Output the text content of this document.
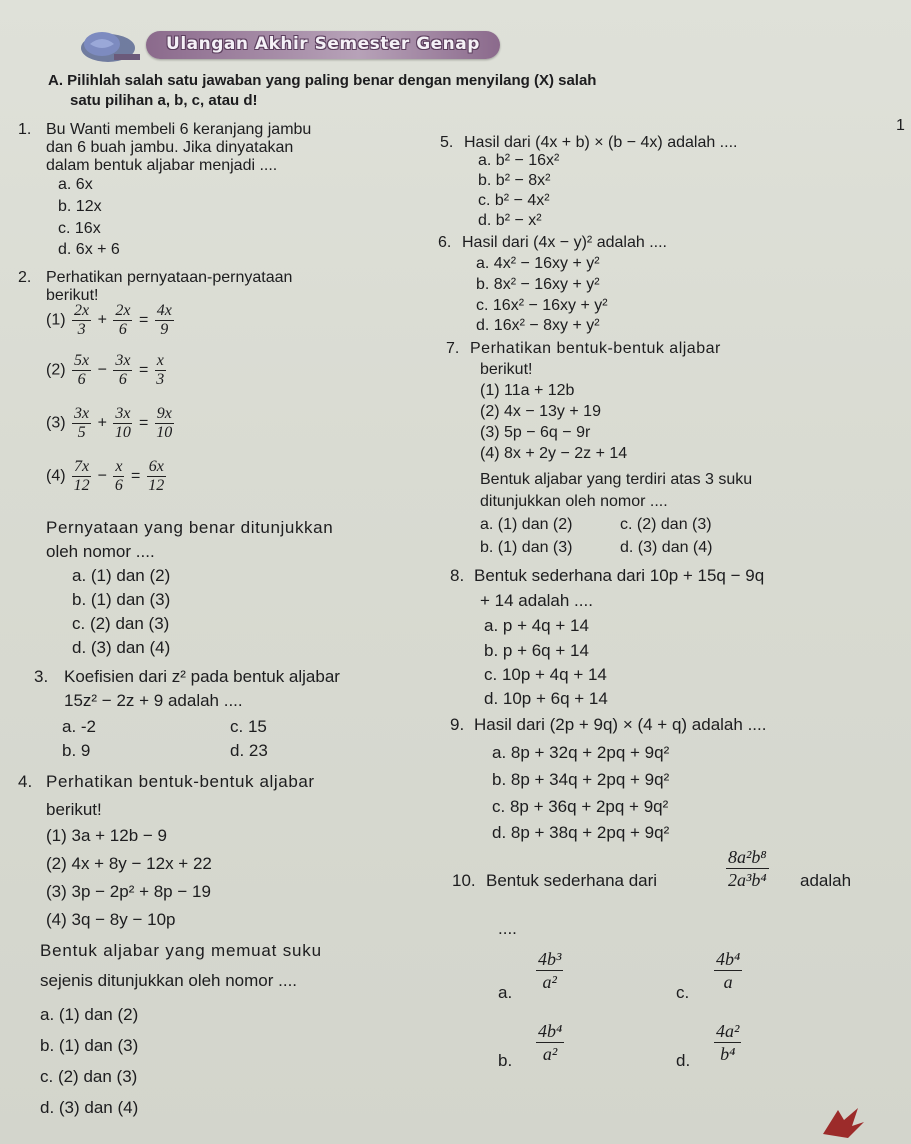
Ulangan Akhir Semester Genap
A. Pilihlah salah satu jawaban yang paling benar dengan menyilang (X) salah
satu pilihan a, b, c, atau d!
1
1. Bu Wanti membeli 6 keranjang jambu
dan 6 buah jambu. Jika dinyatakan
dalam bentuk aljabar menjadi ....
a. 6x
b. 12x
c. 16x
d. 6x + 6
2. Perhatikan pernyataan-pernyataan
berikut!
$(1) \frac{2x}{3} + \frac{2x}{6} = \frac{4x}{9}$
$(2) \frac{5x}{6} - \frac{3x}{6} = \frac{x}{3}$
$(3) \frac{3x}{5} + \frac{3x}{10} = \frac{9x}{10}$
$(4) \frac{7x}{12} - \frac{x}{6} = \frac{6x}{12}$
Pernyataan yang benar ditunjukkan
oleh nomor ....
a. (1) dan (2)
b. (1) dan (3)
c. (2) dan (3)
d. (3) dan (4)
3. Koefisien dari z² pada bentuk aljabar
15z² − 2z + 9 adalah ....
a. -2
b. 9
c. 15
d. 23
4. Perhatikan bentuk-bentuk aljabar
berikut!
(1) 3a + 12b − 9
(2) 4x + 8y − 12x + 22
(3) 3p − 2p² + 8p − 19
(4) 3q − 8y − 10p
Bentuk aljabar yang memuat suku
sejenis ditunjukkan oleh nomor ....
a. (1) dan (2)
b. (1) dan (3)
c. (2) dan (3)
d. (3) dan (4)
5. Hasil dari (4x + b) × (b − 4x) adalah ....
a. b² − 16x²
b. b² − 8x²
c. b² − 4x²
d. b² − x²
6. Hasil dari (4x − y)² adalah ....
a. 4x² − 16xy + y²
b. 8x² − 16xy + y²
c. 16x² − 16xy + y²
d. 16x² − 8xy + y²
7. Perhatikan bentuk-bentuk aljabar
berikut!
(1) 11a + 12b
(2) 4x − 13y + 19
(3) 5p − 6q − 9r
(4) 8x + 2y − 2z + 14
Bentuk aljabar yang terdiri atas 3 suku
ditunjukkan oleh nomor ....
a. (1) dan (2)
b. (1) dan (3)
c. (2) dan (3)
d. (3) dan (4)
8. Bentuk sederhana dari 10p + 15q − 9q
+ 14 adalah ....
a. p + 4q + 14
b. p + 6q + 14
c. 10p + 4q + 14
d. 10p + 6q + 14
9. Hasil dari (2p + 9q) × (4 + q) adalah ....
a. 8p + 32q + 2pq + 9q²
b. 8p + 34q + 2pq + 9q²
c. 8p + 36q + 2pq + 9q²
d. 8p + 38q + 2pq + 9q²
10. Bentuk sederhana dari	$\frac{\text{8a²b⁸}}{\text{2a³b⁴}}$ adalah
....
a. $\frac{\text{4b³}}{\text{a²}}$
b. $\frac{\text{4b⁴}}{\text{a²}}$
c. $\frac{\text{4b⁴}}{a}$
d. $\frac{\text{4a²}}{\text{b⁴}}$
